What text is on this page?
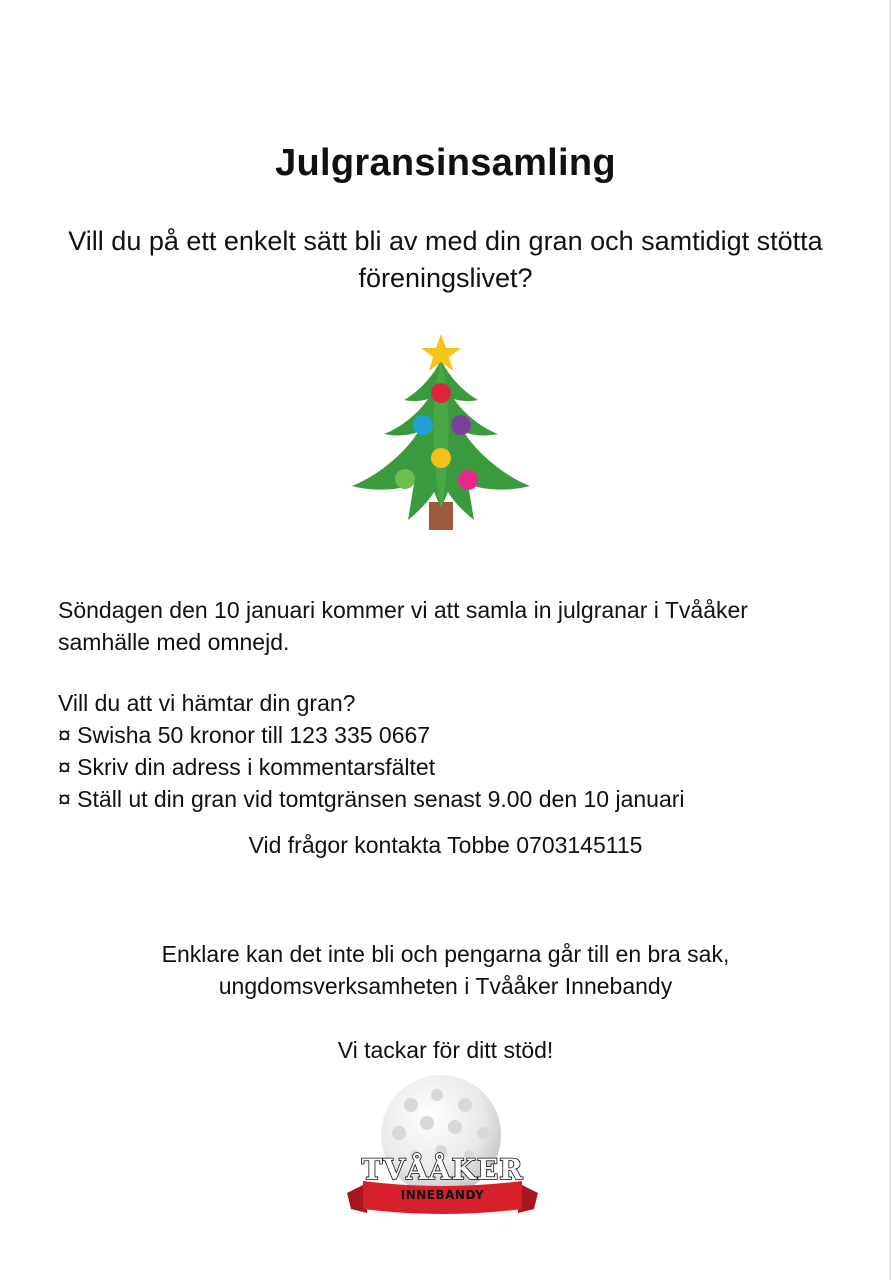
Julgransinsamling
Vill du på ett enkelt sätt bli av med din gran och samtidigt stötta föreningslivet?
Söndagen den 10 januari kommer vi att samla in julgranar i Tvååker
samhälle med omnejd.
Vill du att vi hämtar din gran?
¤ Swisha 50 kronor till 123 335 0667
¤ Skriv din adress i kommentarsfältet
¤ Ställ ut din gran vid tomtgränsen senast 9.00 den 10 januari
Vid frågor kontakta Tobbe 0703145115
Enklare kan det inte bli och pengarna går till en bra sak,
ungdomsverksamheten i Tvååker Innebandy
Vi tackar för ditt stöd!
TVÅÅKER
INNEBANDY
